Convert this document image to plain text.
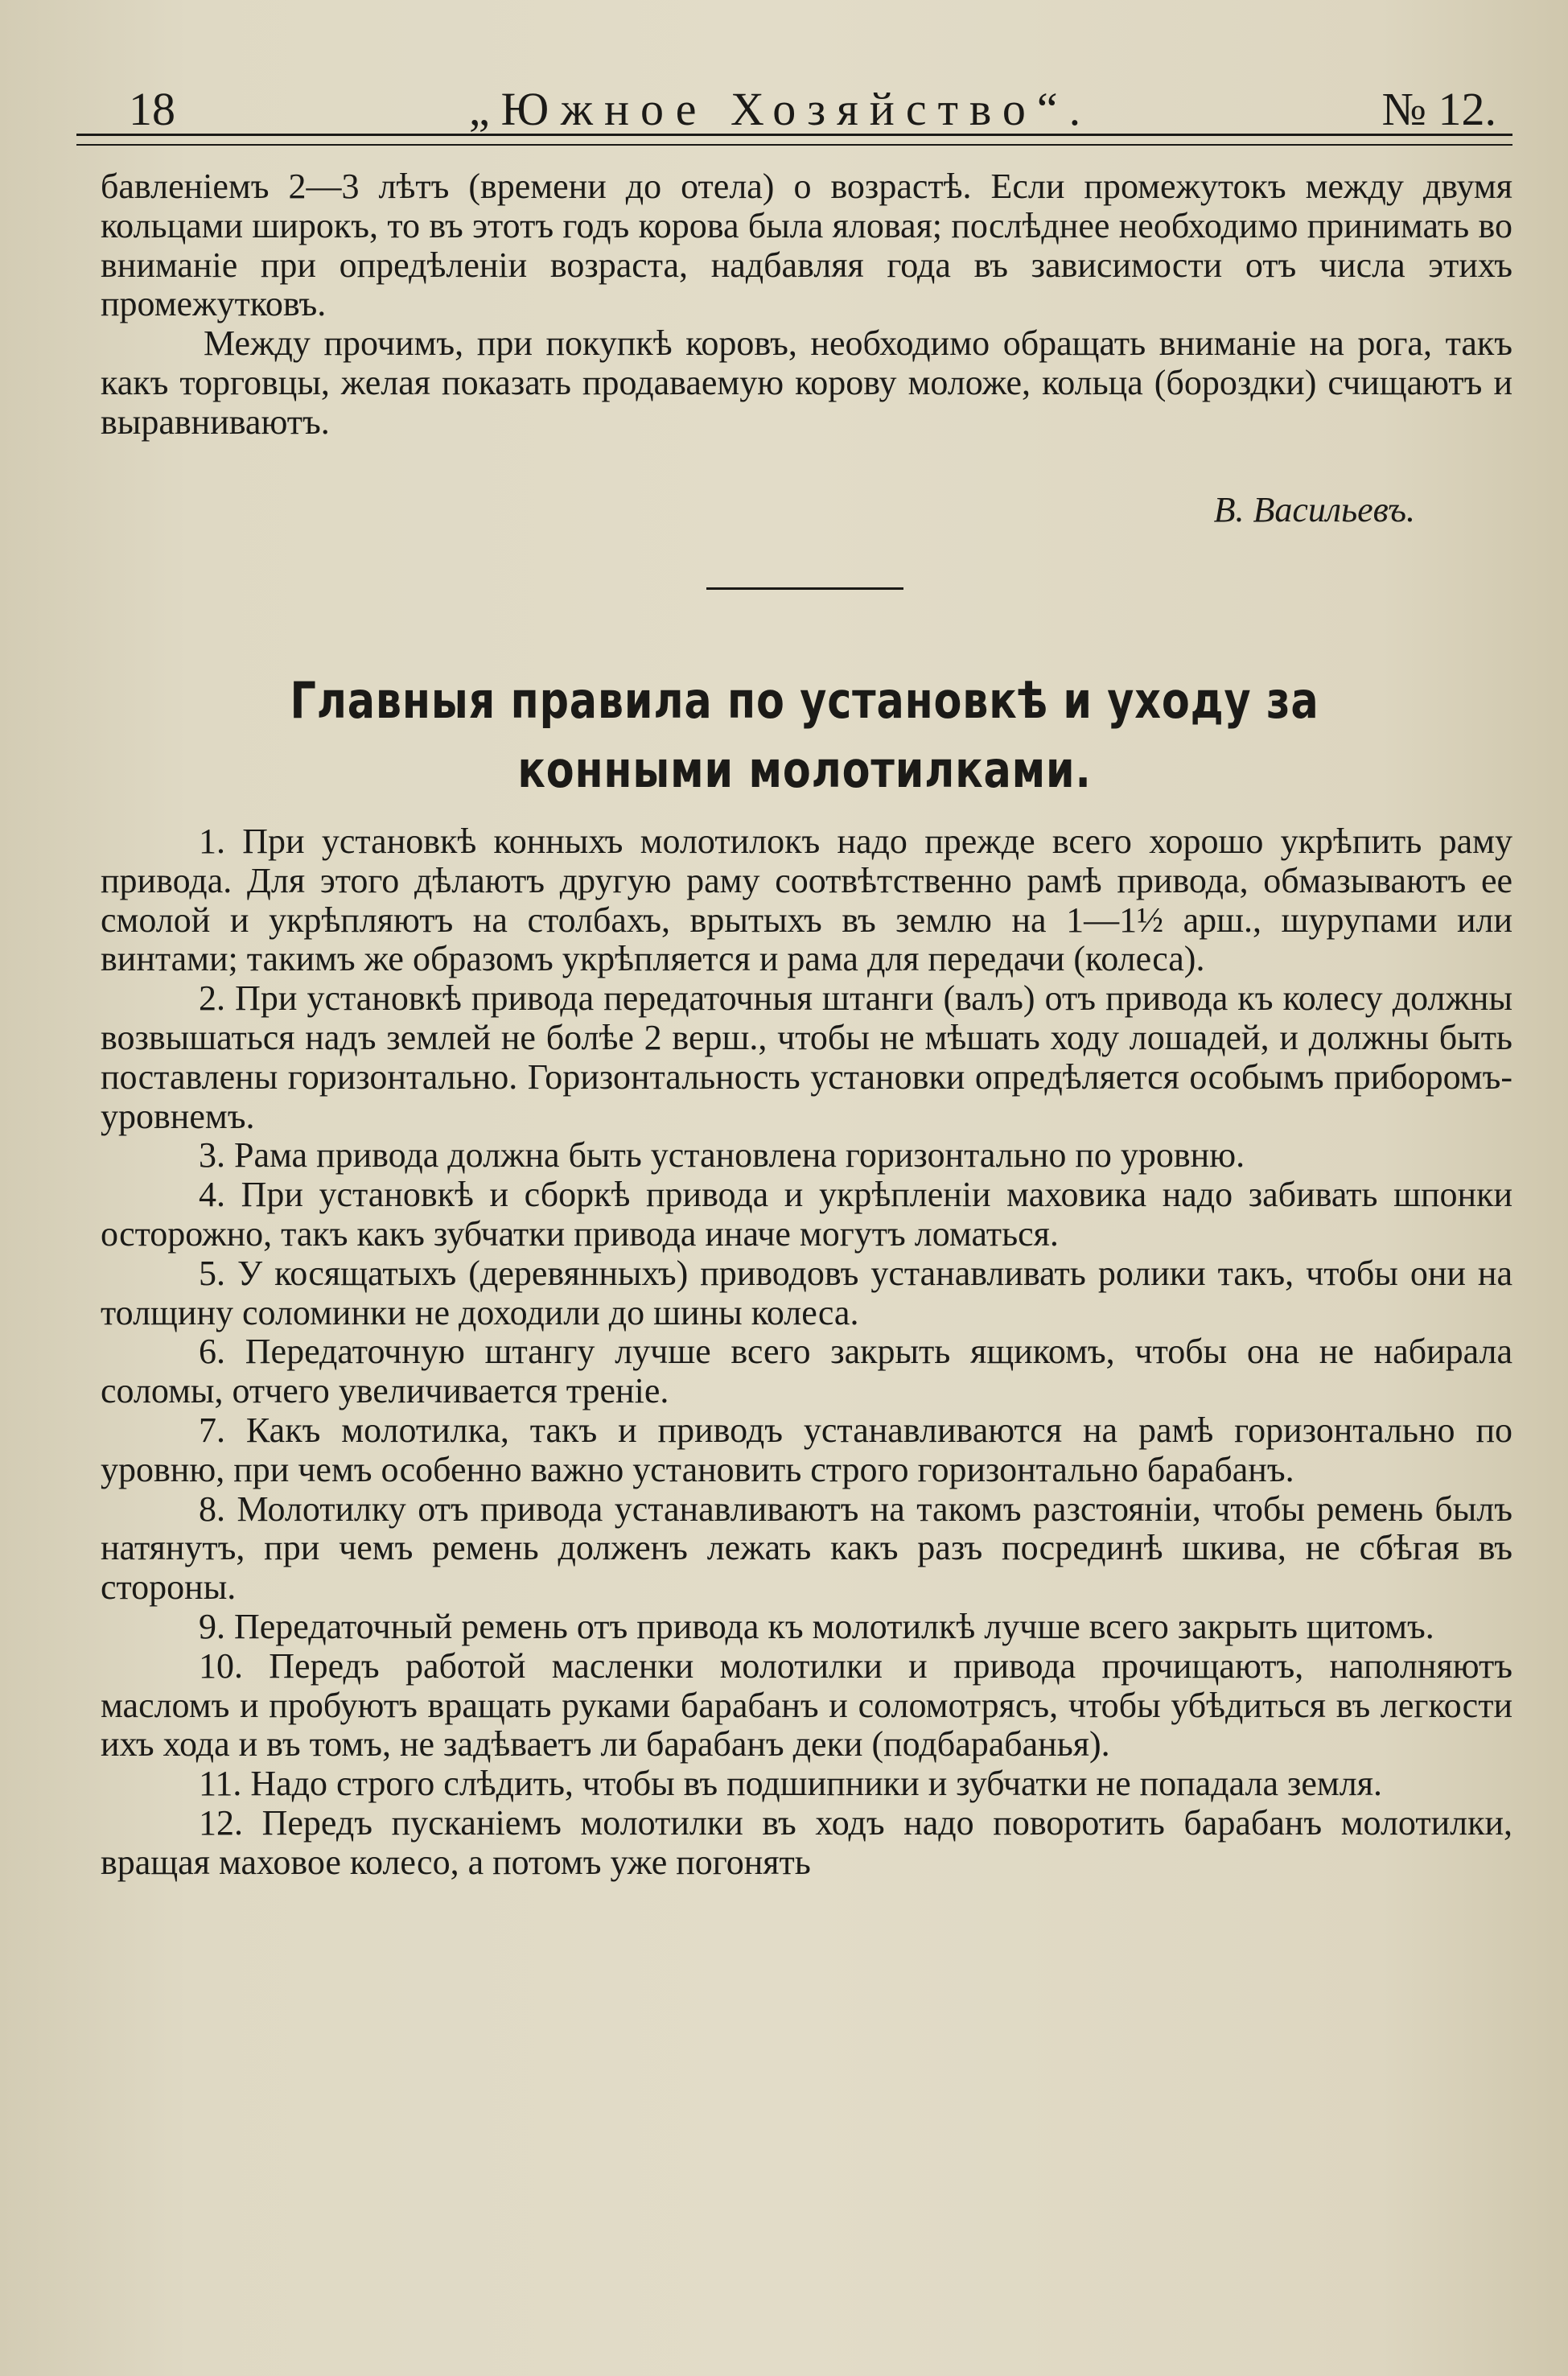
18	„Южное Хозяйство“.	№ 12.

бавленіемъ 2—3 лѣтъ (времени до отела) о возрастѣ. Если промежутокъ между двумя кольцами широкъ, то въ этотъ годъ корова была яловая; послѣднее необходимо принимать во вниманіе при опредѣленіи возраста, надбавляя года въ зависимости отъ числа этихъ промежутковъ.

Между прочимъ, при покупкѣ коровъ, необходимо обращать вниманіе на рога, такъ какъ торговцы, желая показать продаваемую корову моложе, кольца (бороздки) счищаютъ и выравниваютъ.

В. Васильевъ.
Главныя правила по установкѣ и уходу за конными молотилками.

1. При установкѣ конныхъ молотилокъ надо прежде всего хорошо укрѣпить раму привода. Для этого дѣлаютъ другую раму соотвѣтственно рамѣ привода, обмазываютъ ее смолой и укрѣпляютъ на столбахъ, врытыхъ въ землю на 1—1½ арш., шурупами или винтами; такимъ же образомъ укрѣпляется и рама для передачи (колеса).

2. При установкѣ привода передаточныя штанги (валъ) отъ привода къ колесу должны возвышаться надъ землей не болѣе 2 верш., чтобы не мѣшать ходу лошадей, и должны быть поставлены горизонтально. Горизонтальность установки опредѣляется особымъ приборомъ-уровнемъ.

3. Рама привода должна быть установлена горизонтально по уровню.

4. При установкѣ и сборкѣ привода и укрѣпленіи маховика надо забивать шпонки осторожно, такъ какъ зубчатки привода иначе могутъ ломаться.

5. У косящатыхъ (деревянныхъ) приводовъ устанавливать ролики такъ, чтобы они на толщину соломинки не доходили до шины колеса.

6. Передаточную штангу лучше всего закрыть ящикомъ, чтобы она не набирала соломы, отчего увеличивается треніе.

7. Какъ молотилка, такъ и приводъ устанавливаются на рамѣ горизонтально по уровню, при чемъ особенно важно установить строго горизонтально барабанъ.

8. Молотилку отъ привода устанавливаютъ на такомъ разстояніи, чтобы ремень былъ натянутъ, при чемъ ремень долженъ лежать какъ разъ посрединѣ шкива, не сбѣгая въ стороны.

9. Передаточный ремень отъ привода къ молотилкѣ лучше всего закрыть щитомъ.

10. Передъ работой масленки молотилки и привода прочищаютъ, наполняютъ масломъ и пробуютъ вращать руками барабанъ и соломотрясъ, чтобы убѣдиться въ легкости ихъ хода и въ томъ, не задѣваетъ ли барабанъ деки (подбарабанья).

11. Надо строго слѣдить, чтобы въ подшипники и зубчатки не попадала земля.

12. Передъ пусканіемъ молотилки въ ходъ надо поворотить барабанъ молотилки, вращая маховое колесо, а потомъ уже погонять
